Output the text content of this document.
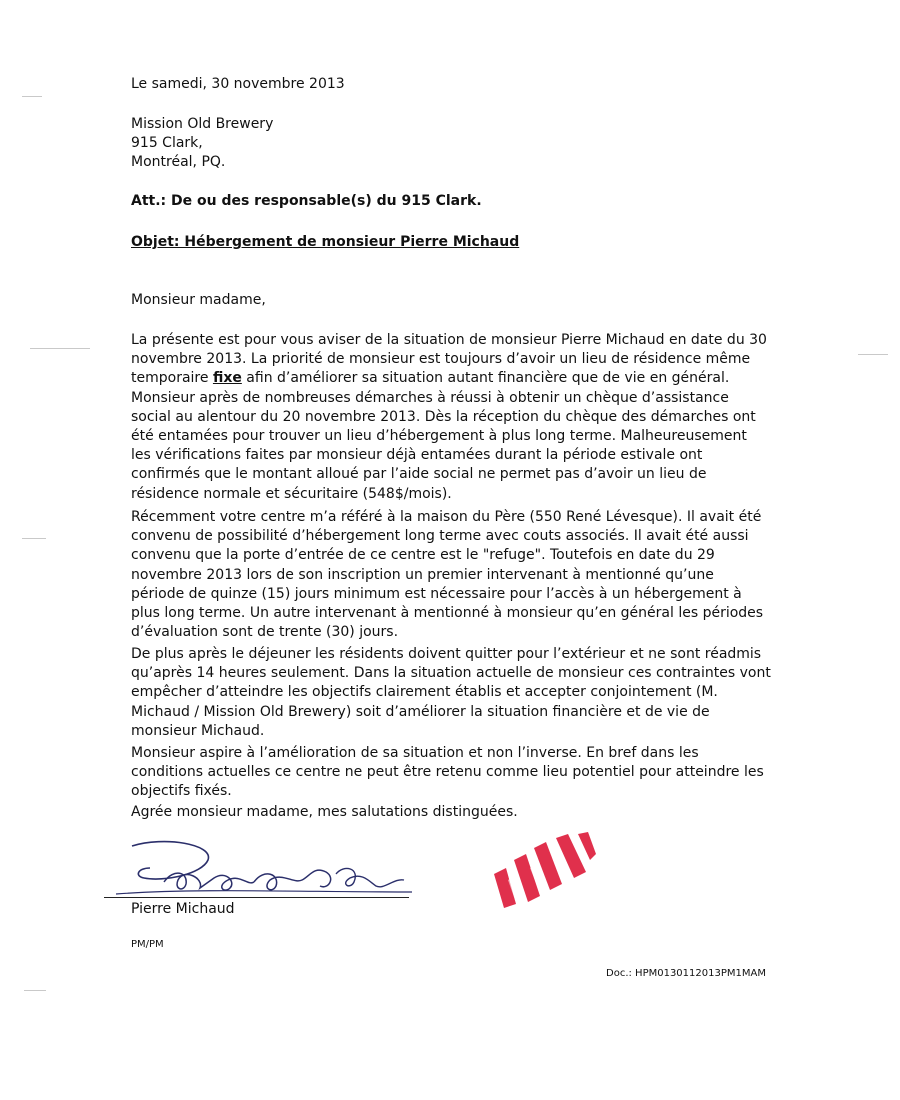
Le samedi, 30 novembre 2013
Mission Old Brewery
915 Clark,
Montréal, PQ.
Att.: De ou des responsable(s) du 915 Clark.
Objet: Hébergement de monsieur Pierre Michaud
Monsieur madame,

La présente est pour vous aviser de la situation de monsieur Pierre Michaud en date du 30 novembre 2013. La priorité de monsieur est toujours d’avoir un lieu de résidence même temporaire fixe afin d’améliorer sa situation autant financière que de vie en général. Monsieur après de nombreuses démarches à réussi à obtenir un chèque d’assistance social au alentour du 20 novembre 2013. Dès la réception du chèque des démarches ont été entamées pour trouver un lieu d’hébergement à plus long terme. Malheureusement les vérifications faites par monsieur déjà entamées durant la période estivale ont confirmés que le montant alloué par l’aide social ne permet pas d’avoir un lieu de résidence normale et sécuritaire (548$/mois).

Récemment votre centre m’a référé à la maison du Père (550 René Lévesque). Il avait été convenu de possibilité d’hébergement long terme avec couts associés. Il avait été aussi convenu que la porte d’entrée de ce centre est le "refuge". Toutefois en date du 29 novembre 2013 lors de son inscription un premier intervenant à mentionné qu’une période de quinze (15) jours minimum est nécessaire pour l’accès à un hébergement à plus long terme. Un autre intervenant à mentionné à monsieur qu’en général les périodes d’évaluation sont de trente (30) jours.

De plus après le déjeuner les résidents doivent quitter pour l’extérieur et ne sont réadmis qu’après 14 heures seulement. Dans la situation actuelle de monsieur ces contraintes vont empêcher d’atteindre les objectifs clairement établis et accepter conjointement (M. Michaud / Mission Old Brewery) soit d’améliorer la situation financière et de vie de monsieur Michaud.

Monsieur aspire à l’amélioration de sa situation et non l’inverse. En bref dans les conditions actuelles ce centre ne peut être retenu comme lieu potentiel pour atteindre les objectifs fixés.

Agrée monsieur madame, mes salutations distinguées.
Pierre Michaud
PM/PM
Doc.: HPM0130112013PM1MAM
